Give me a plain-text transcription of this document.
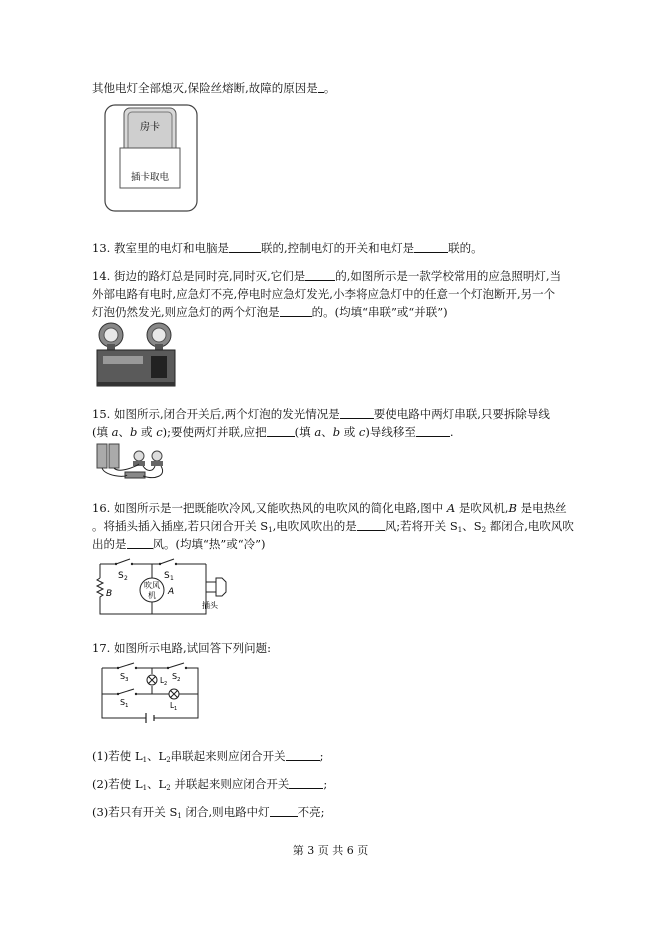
其他电灯全部熄灭,保险丝熔断,故障的原因是 。
房卡
插卡取电
13. 教室里的电灯和电脑是	联的,控制电灯的开关和电灯是	联的。
14. 街边的路灯总是同时亮,同时灭,它们是	的,如图所示是一款学校常用的应急照明灯,当
外部电路有电时,应急灯不亮,停电时应急灯发光,小李将应急灯中的任意一个灯泡断开,另一个
灯泡仍然发光,则应急灯的两个灯泡是	的。(均填“串联”或“并联”)
15. 如图所示,闭合开关后,两个灯泡的发光情况是	要使电路中两灯串联,只要拆除导线
(填 a、b 或 c);要使两灯并联,应把 (填 a、b 或 c)导线移至	.
16. 如图所示是一把既能吹冷风,又能吹热风的电吹风的简化电路,图中 A 是吹风机,B 是电热丝
。将插头插入插座,若只闭合开关 $S_1$,电吹风吹出的是 风;若将开关 $S_1$、$S_2$ 都闭合,电吹风吹
出的是 风。(均填“热”或“冷”)
S 2	S 1
吹风
机 A
B
插头
17. 如图所示电路,试回答下列问题:
S 3	S 2
S 1
L 2
L 1
(1)若使 $L_1$、$L_2$串联起来则应闭合开关	;
(2)若使 $L_1$、$L_2$ 并联起来则应闭合开关	;
(3)若只有开关 $S_1$ 闭合,则电路中灯 不亮;
第 3 页 共 6 页
